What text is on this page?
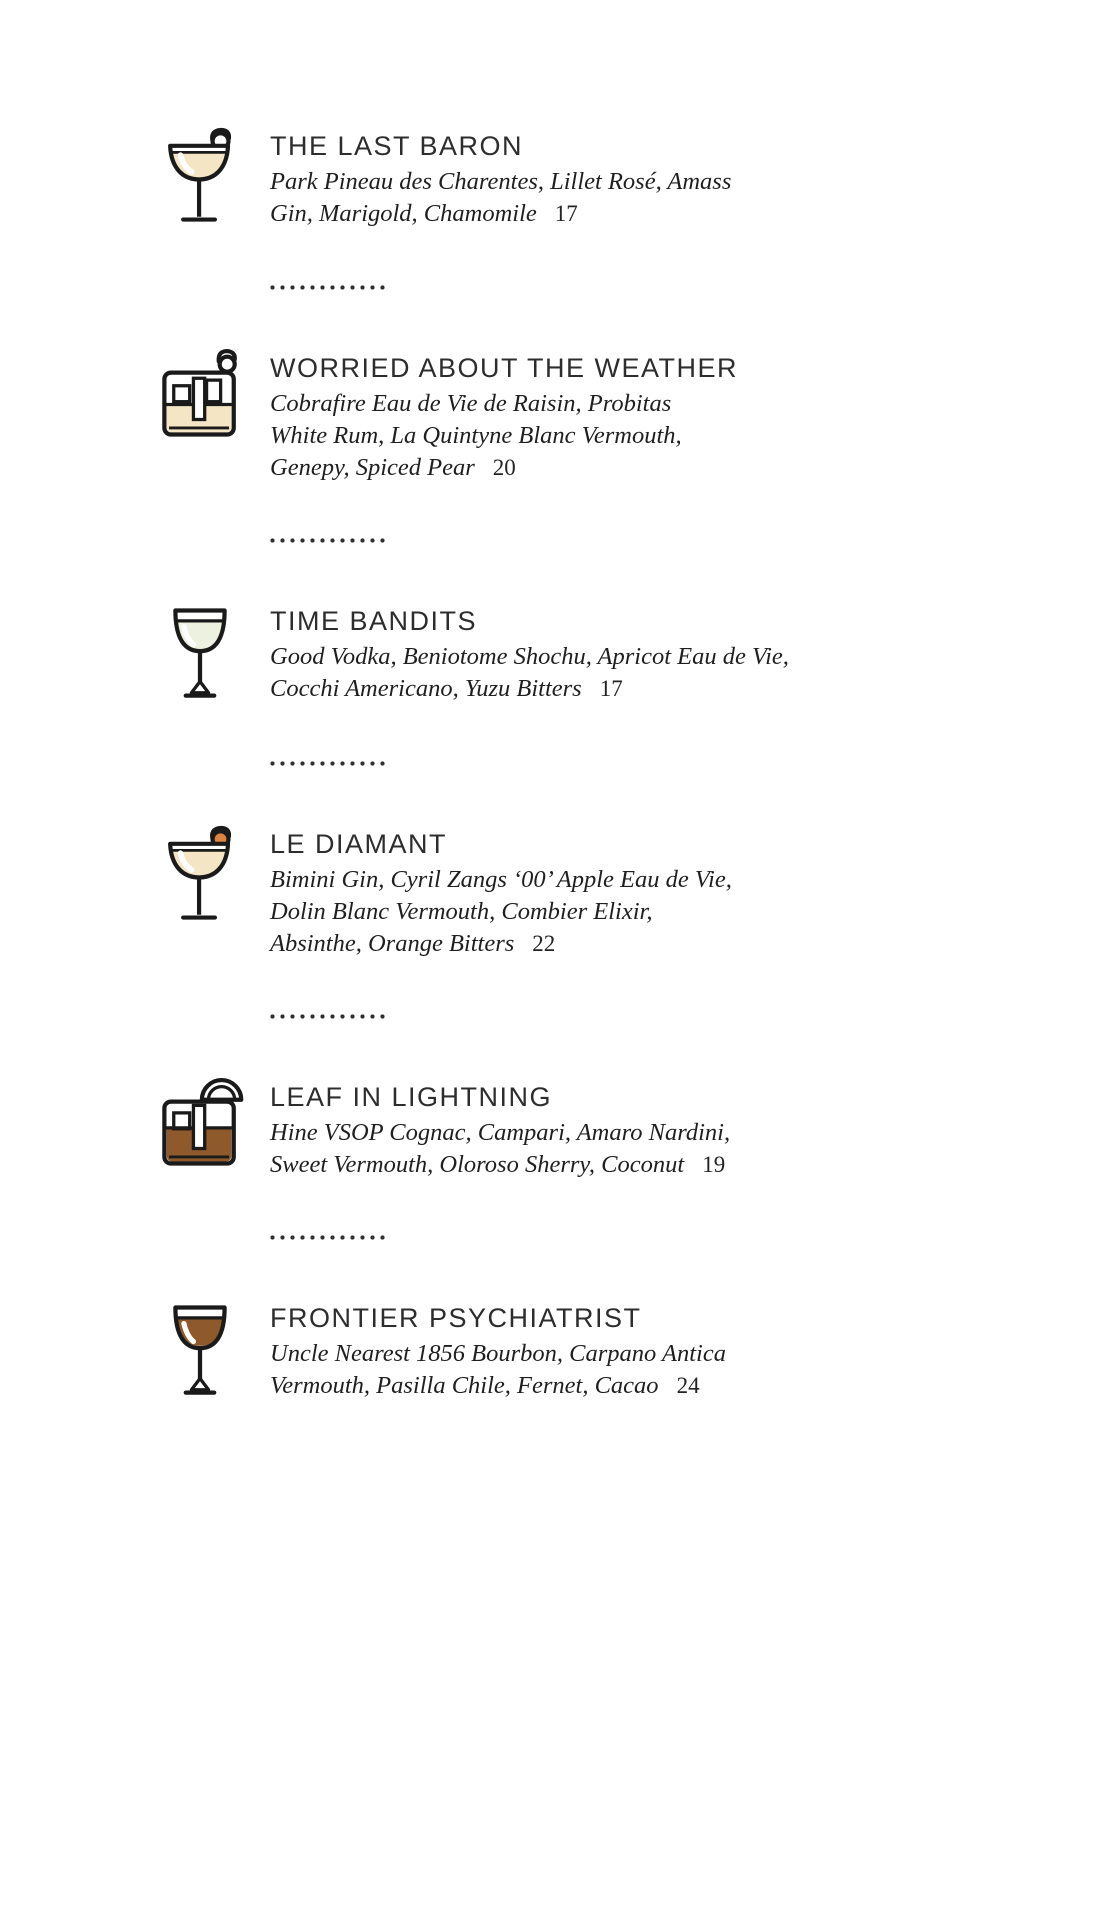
THE LAST BARON

Park Pineau des Charentes, Lillet Rosé, Amass
Gin, Marigold, Chamomile 17

WORRIED ABOUT THE WEATHER

Cobrafire Eau de Vie de Raisin, Probitas
White Rum, La Quintyne Blanc Vermouth,
Genepy, Spiced Pear 20

TIME BANDITS

Good Vodka, Beniotome Shochu, Apricot Eau de Vie,
Cocchi Americano, Yuzu Bitters 17

LE DIAMANT

Bimini Gin, Cyril Zangs ‘00’ Apple Eau de Vie,
Dolin Blanc Vermouth, Combier Elixir,
Absinthe, Orange Bitters 22

LEAF IN LIGHTNING

Hine VSOP Cognac, Campari, Amaro Nardini,
Sweet Vermouth, Oloroso Sherry, Coconut 19

FRONTIER PSYCHIATRIST

Uncle Nearest 1856 Bourbon, Carpano Antica
Vermouth, Pasilla Chile, Fernet, Cacao 24
